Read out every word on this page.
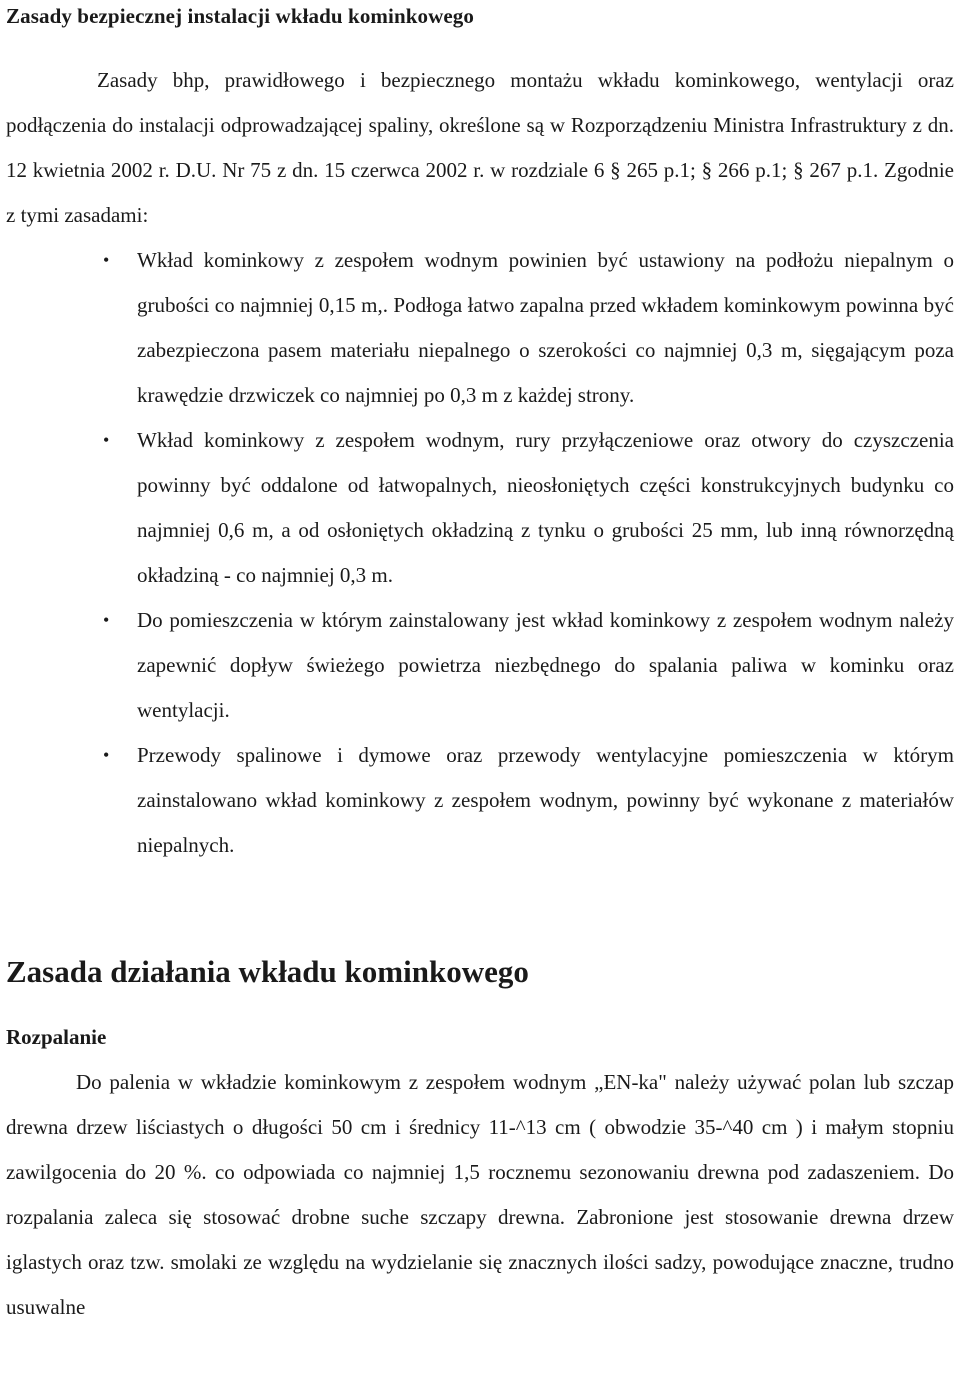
Zasady bezpiecznej instalacji wkładu kominkowego

Zasady bhp, prawidłowego i bezpiecznego montażu wkładu kominkowego, wentylacji oraz podłączenia do instalacji odprowadzającej spaliny, określone są w Rozporządzeniu Ministra Infrastruktury z dn. 12 kwietnia 2002 r. D.U. Nr 75 z dn. 15 czerwca 2002 r. w rozdziale 6 § 265 p.1; § 266 p.1; § 267 p.1. Zgodnie z tymi zasadami:

• Wkład kominkowy z zespołem wodnym powinien być ustawiony na podłożu niepalnym o grubości co najmniej 0,15 m,. Podłoga łatwo zapalna przed wkładem kominkowym powinna być zabezpieczona pasem materiału niepalnego o szerokości co najmniej 0,3 m, sięgającym poza krawędzie drzwiczek co najmniej po 0,3 m z każdej strony.
• Wkład kominkowy z zespołem wodnym, rury przyłączeniowe oraz otwory do czyszczenia powinny być oddalone od łatwopalnych, nieosłoniętych części konstrukcyjnych budynku co najmniej 0,6 m, a od osłoniętych okładziną z tynku o grubości 25 mm, lub inną równorzędną okładziną - co najmniej 0,3 m.
• Do pomieszczenia w którym zainstalowany jest wkład kominkowy z zespołem wodnym należy zapewnić dopływ świeżego powietrza niezbędnego do spalania paliwa w kominku oraz wentylacji.
• Przewody spalinowe i dymowe oraz przewody wentylacyjne pomieszczenia w którym zainstalowano wkład kominkowy z zespołem wodnym, powinny być wykonane z materiałów niepalnych.
Zasada działania wkładu kominkowego
Rozpalanie

Do palenia w wkładzie kominkowym z zespołem wodnym „EN-ka" należy używać polan lub szczap drewna drzew liściastych o długości 50 cm i średnicy 11-^13 cm ( obwodzie 35-^40 cm ) i małym stopniu zawilgocenia do 20 %. co odpowiada co najmniej 1,5 rocznemu sezonowaniu drewna pod zadaszeniem. Do rozpalania zaleca się stosować drobne suche szczapy drewna. Zabronione jest stosowanie drewna drzew iglastych oraz tzw. smolaki ze względu na wydzielanie się znacznych ilości sadzy, powodujące znaczne, trudno usuwalne
